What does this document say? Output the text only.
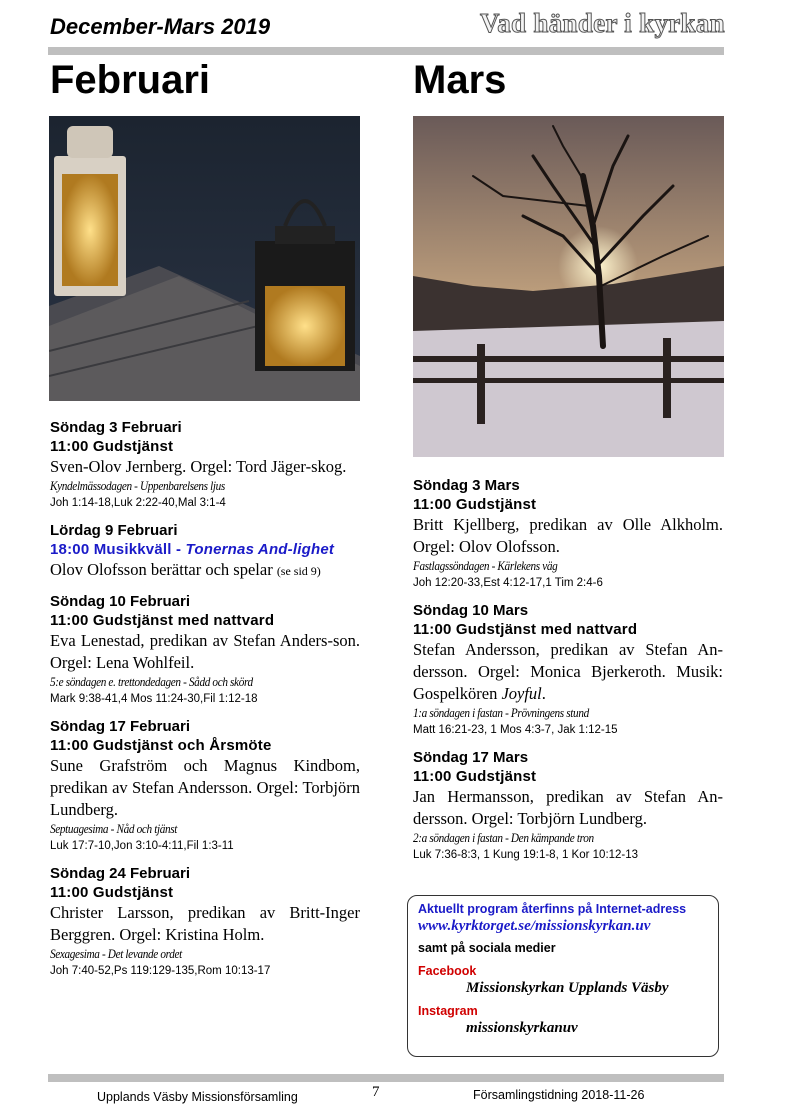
December-Mars 2019	Vad händer i kyrkan
Februari	Mars
Söndag 3 Februari
11:00 Gudstjänst
Sven-Olov Jernberg. Orgel: Tord Jäger-skog.
Kyndelmässodagen - Uppenbarelsens ljus
Joh 1:14-18,Luk 2:22-40,Mal 3:1-4
Lördag 9 Februari
18:00 Musikkväll - Tonernas And-lighet
Olov Olofsson berättar och spelar (se sid 9)
Söndag 10 Februari
11:00 Gudstjänst med nattvard
Eva Lenestad, predikan av Stefan Anders-son. Orgel: Lena Wohlfeil.
5:e söndagen e. trettondedagen - Sådd och skörd
Mark 9:38-41,4 Mos 11:24-30,Fil 1:12-18
Söndag 17 Februari
11:00 Gudstjänst och Årsmöte
Sune Grafström och Magnus Kindbom, predikan av Stefan Andersson. Orgel: Torbjörn Lundberg.
Septuagesima - Nåd och tjänst
Luk 17:7-10,Jon 3:10-4:11,Fil 1:3-11
Söndag 24 Februari
11:00 Gudstjänst
Christer Larsson, predikan av Britt-Inger Berggren. Orgel: Kristina Holm.
Sexagesima - Det levande ordet
Joh 7:40-52,Ps 119:129-135,Rom 10:13-17
Söndag 3 Mars
11:00 Gudstjänst
Britt Kjellberg, predikan av Olle Alkholm. Orgel: Olov Olofsson.
Fastlagssöndagen - Kärlekens väg
Joh 12:20-33,Est 4:12-17,1 Tim 2:4-6
Söndag 10 Mars
11:00 Gudstjänst med nattvard
Stefan Andersson, predikan av Stefan An-dersson. Orgel: Monica Bjerkeroth. Musik: Gospelkören Joyful.
1:a söndagen i fastan - Prövningens stund
Matt 16:21-23, 1 Mos 4:3-7, Jak 1:12-15
Söndag 17 Mars
11:00 Gudstjänst
Jan Hermansson, predikan av Stefan An-dersson. Orgel: Torbjörn Lundberg.
2:a söndagen i fastan - Den kämpande tron
Luk 7:36-8:3, 1 Kung 19:1-8, 1 Kor 10:12-13
Aktuellt program återfinns på Internet-adress
www.kyrktorget.se/missionskyrkan.uv
samt på sociala medier
Facebook
Missionskyrkan Upplands Väsby
Instagram
missionskyrkanuv
Upplands Väsby Missionsförsamling	7	Församlingstidning 2018-11-26
